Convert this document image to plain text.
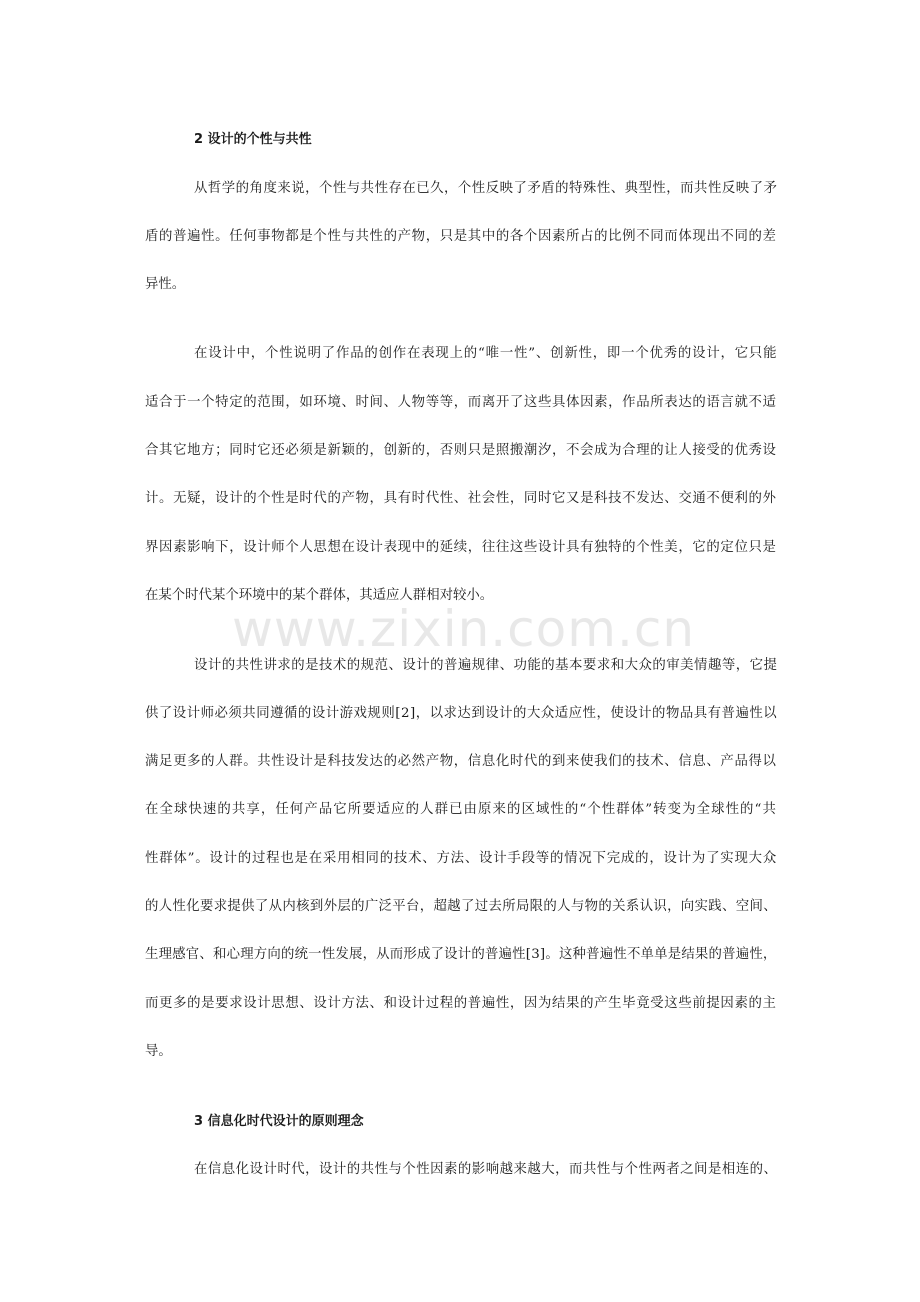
2 设计的个性与共性
从哲学的角度来说，个性与共性存在已久，个性反映了矛盾的特殊性、典型性，而共性反映了矛
盾的普遍性。任何事物都是个性与共性的产物，只是其中的各个因素所占的比例不同而体现出不同的差
异性。
在设计中，个性说明了作品的创作在表现上的“唯一性”、创新性，即一个优秀的设计，它只能
适合于一个特定的范围，如环境、时间、人物等等，而离开了这些具体因素，作品所表达的语言就不适
合其它地方；同时它还必须是新颖的，创新的，否则只是照搬潮汐，不会成为合理的让人接受的优秀设
计。无疑，设计的个性是时代的产物，具有时代性、社会性，同时它又是科技不发达、交通不便利的外
界因素影响下，设计师个人思想在设计表现中的延续，往往这些设计具有独特的个性美，它的定位只是
在某个时代某个环境中的某个群体，其适应人群相对较小。
www.zixin.com.cn
设计的共性讲求的是技术的规范、设计的普遍规律、功能的基本要求和大众的审美情趣等，它提
供了设计师必须共同遵循的设计游戏规则[2]，以求达到设计的大众适应性，使设计的物品具有普遍性以
满足更多的人群。共性设计是科技发达的必然产物，信息化时代的到来使我们的技术、信息、产品得以
在全球快速的共享，任何产品它所要适应的人群已由原来的区域性的“个性群体”转变为全球性的“共
性群体”。设计的过程也是在采用相同的技术、方法、设计手段等的情况下完成的，设计为了实现大众
的人性化要求提供了从内核到外层的广泛平台，超越了过去所局限的人与物的关系认识，向实践、空间、
生理感官、和心理方向的统一性发展，从而形成了设计的普遍性[3]。这种普遍性不单单是结果的普遍性，
而更多的是要求设计思想、设计方法、和设计过程的普遍性，因为结果的产生毕竟受这些前提因素的主
导。
3 信息化时代设计的原则理念
在信息化设计时代，设计的共性与个性因素的影响越来越大，而共性与个性两者之间是相连的、
